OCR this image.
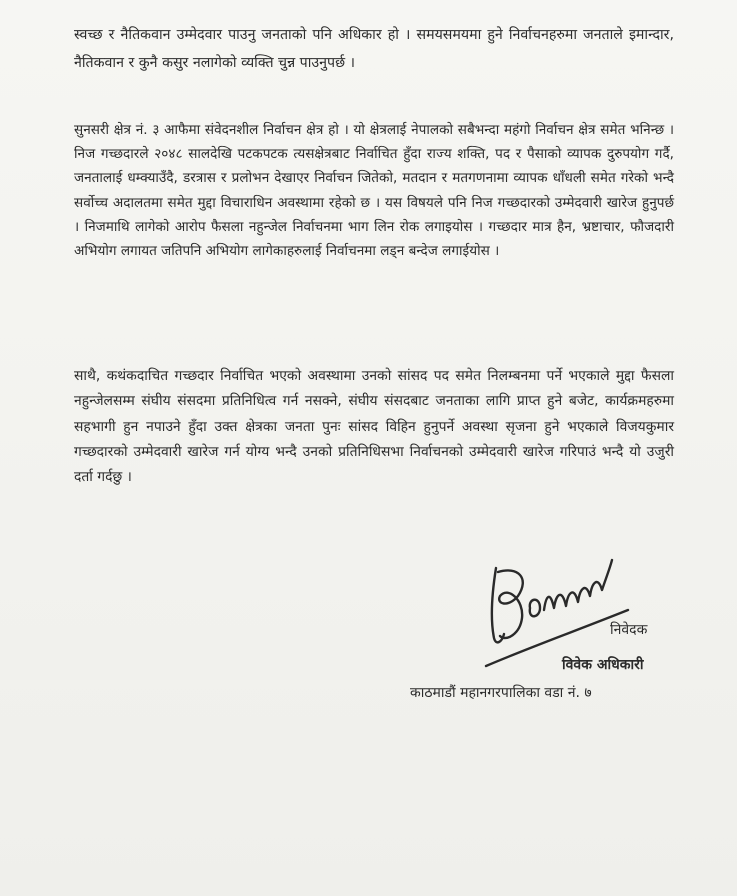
स्वच्छ र नैतिकवान उम्मेदवार पाउनु जनताको पनि अधिकार हो । समयसमयमा हुने निर्वाचनहरुमा जनताले इमान्दार, नैतिकवान र कुनै कसुर नलागेको व्यक्ति चुन्न पाउनुपर्छ ।

सुनसरी क्षेत्र नं. ३ आफैमा संवेदनशील निर्वाचन क्षेत्र हो । यो क्षेत्रलाई नेपालको सबैभन्दा महंगो निर्वाचन क्षेत्र समेत भनिन्छ । निज गच्छदारले २०४८ सालदेखि पटकपटक त्यसक्षेत्रबाट निर्वाचित हुँदा राज्य शक्ति, पद र पैसाको व्यापक दुरुपयोग गर्दै, जनतालाई धम्क्याउँदै, डरत्रास र प्रलोभन देखाएर निर्वाचन जितेको, मतदान र मतगणनामा व्यापक धाँधली समेत गरेको भन्दै सर्वोच्च अदालतमा समेत मुद्दा विचाराधिन अवस्थामा रहेको छ । यस विषयले पनि निज गच्छदारको उम्मेदवारी खारेज हुनुपर्छ । निजमाथि लागेको आरोप फैसला नहुन्जेल निर्वाचनमा भाग लिन रोक लगाइयोस । गच्छदार मात्र हैन, भ्रष्टाचार, फौजदारी अभियोग लगायत जतिपनि अभियोग लागेकाहरुलाई निर्वाचनमा लड्न बन्देज लगाईयोस ।

साथै, कथंकदाचित गच्छदार निर्वाचित भएको अवस्थामा उनको सांसद पद समेत निलम्बनमा पर्ने भएकाले मुद्दा फैसला नहुन्जेलसम्म संघीय संसदमा प्रतिनिधित्व गर्न नसक्ने, संघीय संसदबाट जनताका लागि प्राप्त हुने बजेट, कार्यक्रमहरुमा सहभागी हुन नपाउने हुँदा उक्त क्षेत्रका जनता पुनः सांसद विहिन हुनुपर्ने अवस्था सृजना हुने भएकाले विजयकुमार गच्छदारको उम्मेदवारी खारेज गर्न योग्य भन्दै उनको प्रतिनिधिसभा निर्वाचनको उम्मेदवारी खारेज गरिपाउं भन्दै यो उजुरी दर्ता गर्दछु ।

निवेदक

विवेक अधिकारी

काठमाडौं महानगरपालिका वडा नं. ७
